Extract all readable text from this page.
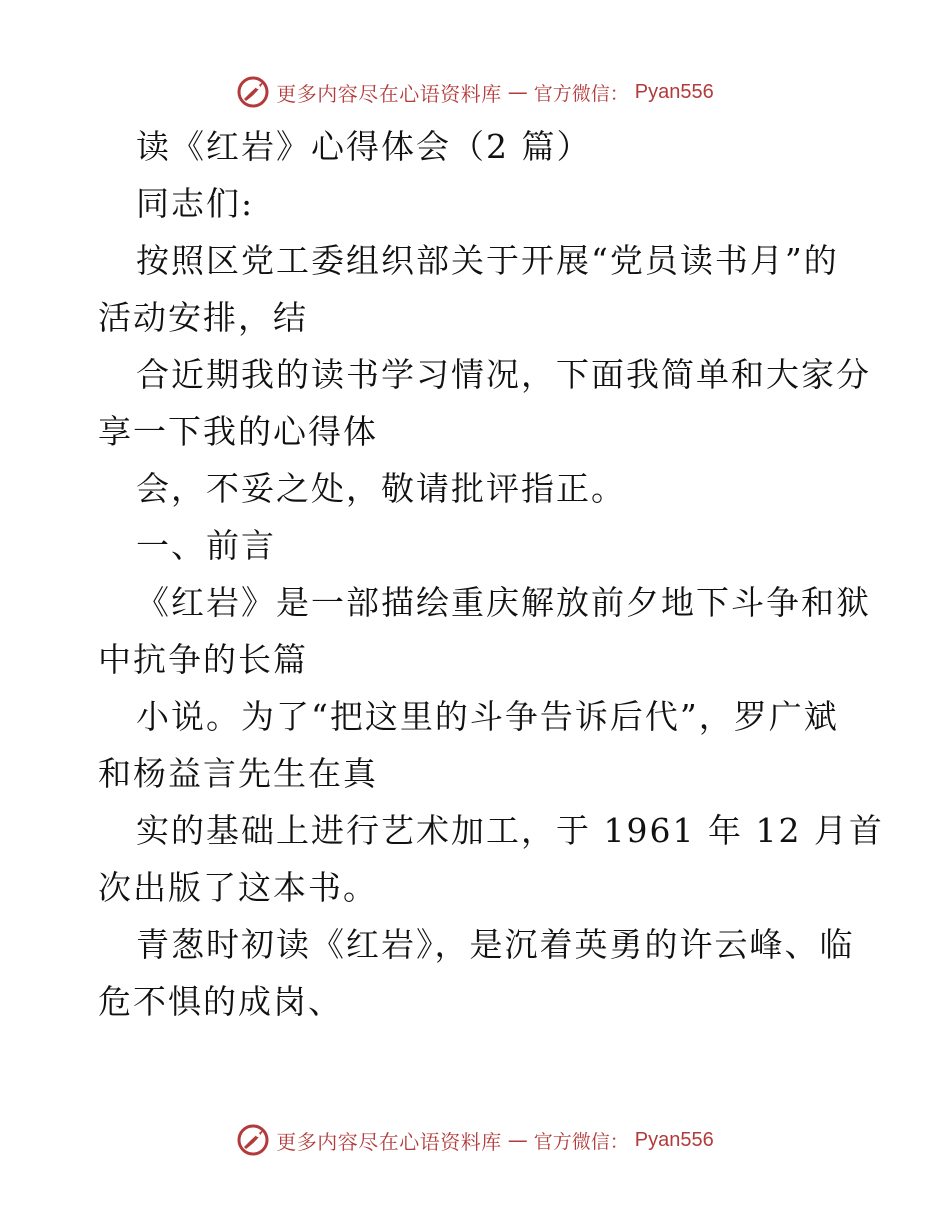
更多内容尽在心语资料库 — 官方微信： Pyan556
读《红岩》心得体会（2 篇）
同志们:
按照区党工委组织部关于开展“党员读书月”的
活动安排，结
合近期我的读书学习情况，下面我简单和大家分
享一下我的心得体
会，不妥之处，敬请批评指正。
一、前言
《红岩》是一部描绘重庆解放前夕地下斗争和狱
中抗争的长篇
小说。为了“把这里的斗争告诉后代”，罗广斌
和杨益言先生在真
实的基础上进行艺术加工，于 1961 年 12 月首
次出版了这本书。
青葱时初读《红岩》，是沉着英勇的许云峰、临
危不惧的成岗、
更多内容尽在心语资料库 — 官方微信： Pyan556
